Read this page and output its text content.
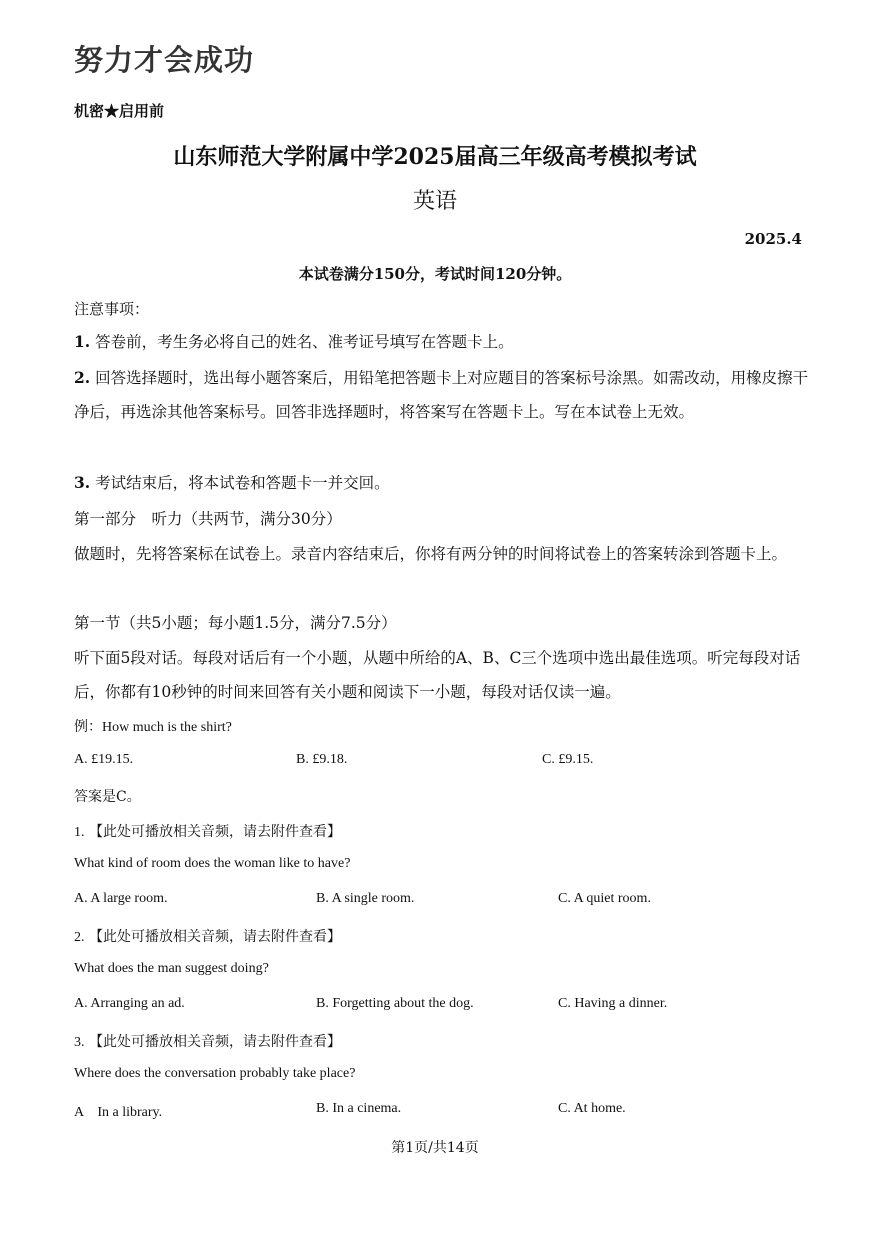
努力才会成功
机密★启用前
山东师范大学附属中学2025届高三年级高考模拟考试
英语
2025.4
本试卷满分150分，考试时间120分钟。
注意事项：
1. 答卷前，考生务必将自己的姓名、准考证号填写在答题卡上。
2. 回答选择题时，选出每小题答案后，用铅笔把答题卡上对应题目的答案标号涂黑。如需改动，用橡皮擦干净后，再选涂其他答案标号。回答非选择题时，将答案写在答题卡上。写在本试卷上无效。
3. 考试结束后，将本试卷和答题卡一并交回。
第一部分　听力（共两节，满分30分）
做题时，先将答案标在试卷上。录音内容结束后，你将有两分钟的时间将试卷上的答案转涂到答题卡上。
第一节（共5小题；每小题1.5分，满分7.5分）
听下面5段对话。每段对话后有一个小题，从题中所给的A、B、C三个选项中选出最佳选项。听完每段对话后，你都有10秒钟的时间来回答有关小题和阅读下一小题，每段对话仅读一遍。
例：How much is the shirt?
A. £19.15.	B. £9.18.	C. £9.15.
答案是C。
1. 【此处可播放相关音频，请去附件查看】
What kind of room does the woman like to have?
A. A large room.	B. A single room.	C. A quiet room.
2. 【此处可播放相关音频，请去附件查看】
What does the man suggest doing?
A. Arranging an ad.	B. Forgetting about the dog.	C. Having a dinner.
3. 【此处可播放相关音频，请去附件查看】
Where does the conversation probably take place?
A　In a library.	B. In a cinema.	C. At home.
第1页/共14页
